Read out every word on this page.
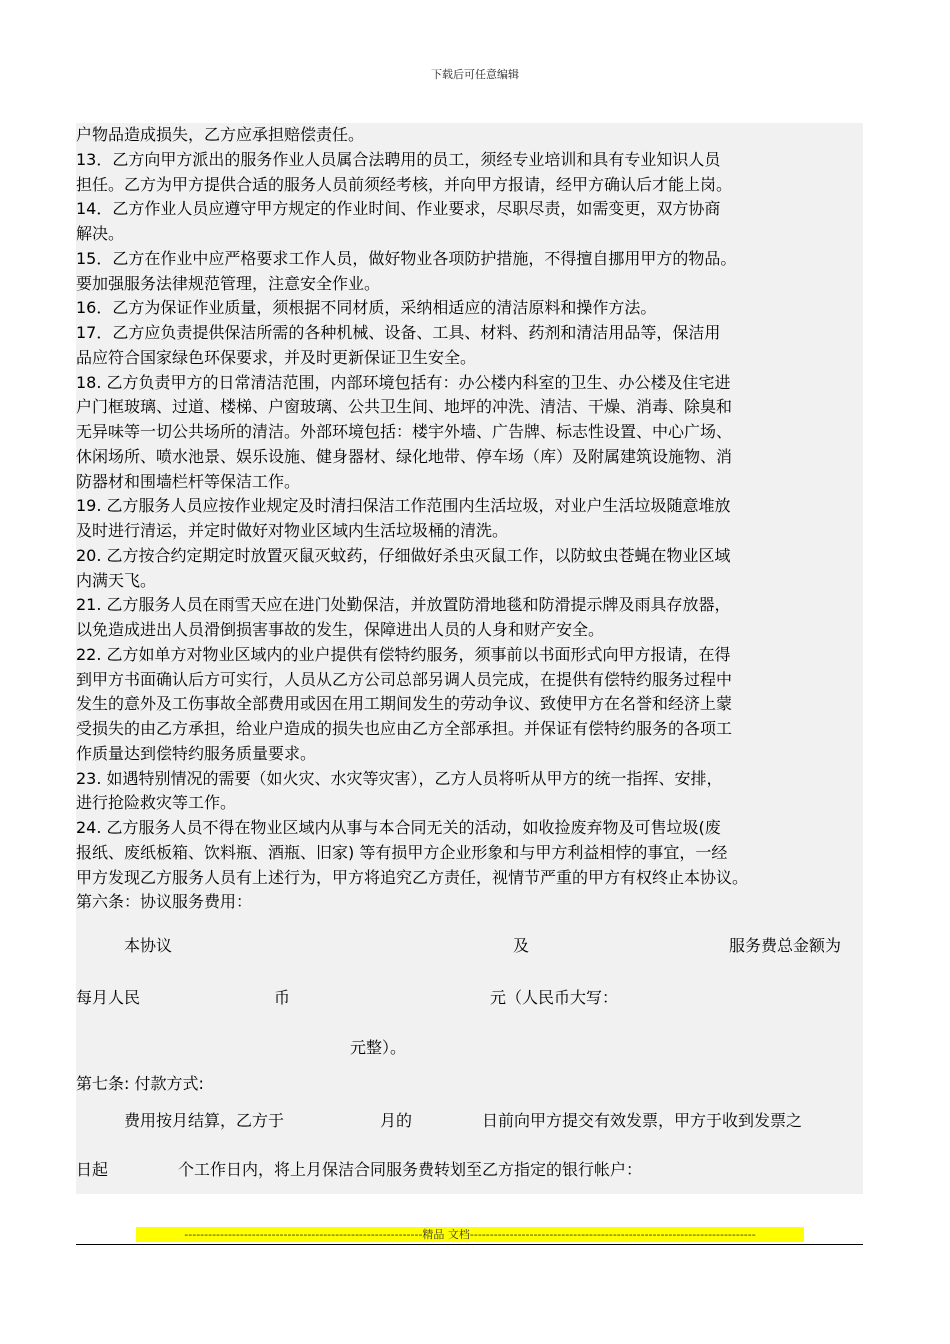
下载后可任意编辑
户物品造成损失，乙方应承担赔偿责任。
13．乙方向甲方派出的服务作业人员属合法聘用的员工，须经专业培训和具有专业知识人员
担任。乙方为甲方提供合适的服务人员前须经考核，并向甲方报请，经甲方确认后才能上岗。
14．乙方作业人员应遵守甲方规定的作业时间、作业要求，尽职尽责，如需变更，双方协商
解决。
15．乙方在作业中应严格要求工作人员，做好物业各项防护措施，不得擅自挪用甲方的物品。
要加强服务法律规范管理，注意安全作业。
16．乙方为保证作业质量，须根据不同材质，采纳相适应的清洁原料和操作方法。
17．乙方应负责提供保洁所需的各种机械、设备、工具、材料、药剂和清洁用品等，保洁用
品应符合国家绿色环保要求，并及时更新保证卫生安全。
18. 乙方负责甲方的日常清洁范围，内部环境包括有：办公楼内科室的卫生、办公楼及住宅进
户门框玻璃、过道、楼梯、户窗玻璃、公共卫生间、地坪的冲洗、清洁、干燥、消毒、除臭和
无异味等一切公共场所的清洁。外部环境包括：楼宇外墙、广告牌、标志性设置、中心广场、
休闲场所、喷水池景、娱乐设施、健身器材、绿化地带、停车场（库）及附属建筑设施物、消
防器材和围墙栏杆等保洁工作。
19. 乙方服务人员应按作业规定及时清扫保洁工作范围内生活垃圾，对业户生活垃圾随意堆放
及时进行清运，并定时做好对物业区域内生活垃圾桶的清洗。
20. 乙方按合约定期定时放置灭鼠灭蚊药，仔细做好杀虫灭鼠工作，以防蚊虫苍蝇在物业区域
内满天飞。
21. 乙方服务人员在雨雪天应在进门处勤保洁，并放置防滑地毯和防滑提示牌及雨具存放器，
以免造成进出人员滑倒损害事故的发生，保障进出人员的人身和财产安全。
22. 乙方如单方对物业区域内的业户提供有偿特约服务，须事前以书面形式向甲方报请，在得
到甲方书面确认后方可实行，人员从乙方公司总部另调人员完成，在提供有偿特约服务过程中
发生的意外及工伤事故全部费用或因在用工期间发生的劳动争议、致使甲方在名誉和经济上蒙
受损失的由乙方承担，给业户造成的损失也应由乙方全部承担。并保证有偿特约服务的各项工
作质量达到偿特约服务质量要求。
23. 如遇特别情况的需要（如火灾、水灾等灾害），乙方人员将听从甲方的统一指挥、安排，
进行抢险救灾等工作。
24. 乙方服务人员不得在物业区域内从事与本合同无关的活动，如收捡废弃物及可售垃圾(废
报纸、废纸板箱、饮料瓶、酒瓶、旧家) 等有损甲方企业形象和与甲方利益相悖的事宜，一经
甲方发现乙方服务人员有上述行为，甲方将追究乙方责任，视情节严重的甲方有权终止本协议。
第六条：协议服务费用：
本协议	及	服务费总金额为
每月人民	币	元（人民币大写：
元整）。
第七条: 付款方式:
费用按月结算，乙方于	月的	日前向甲方提交有效发票，甲方于收到发票之
日起	个工作日内，将上月保洁合同服务费转划至乙方指定的银行帐户：
------------------------------------------------------------精品 文档------------------------------------------------------------------------
